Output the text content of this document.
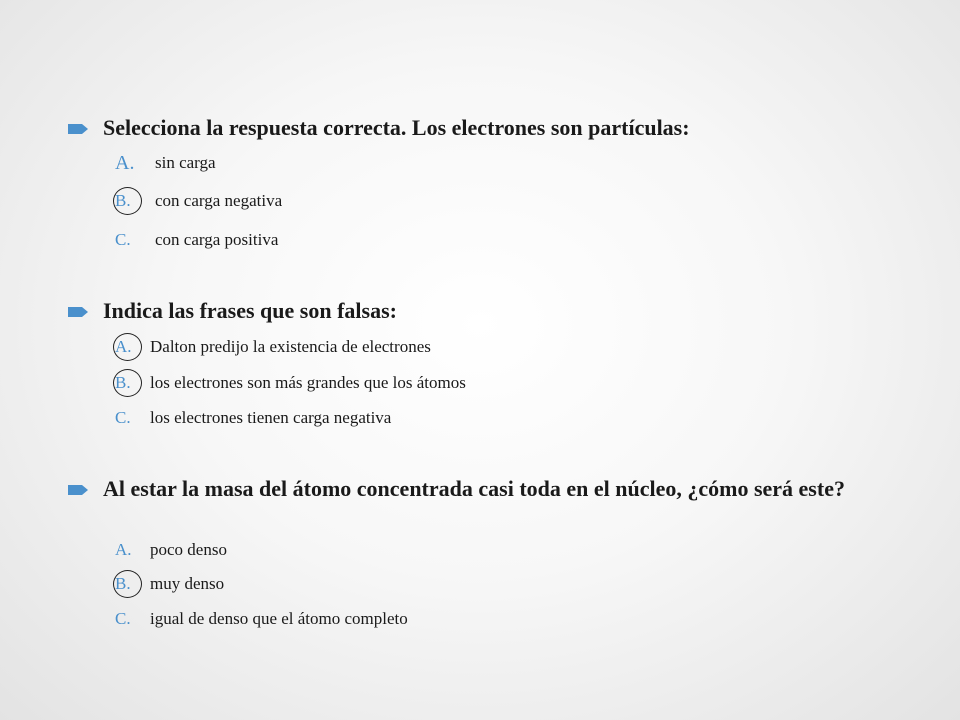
Selecciona la respuesta correcta. Los electrones son partículas:
A.	sin carga
B.	con carga negativa
C.	con carga positiva
Indica las frases que son falsas:
A.	Dalton predijo la existencia de electrones
B.	los electrones son más grandes que los átomos
C.	los electrones tienen carga negativa
Al estar la masa del átomo concentrada casi toda en el núcleo, ¿cómo será este?
A.	poco denso
B.	muy denso
C.	igual de denso que el átomo completo
